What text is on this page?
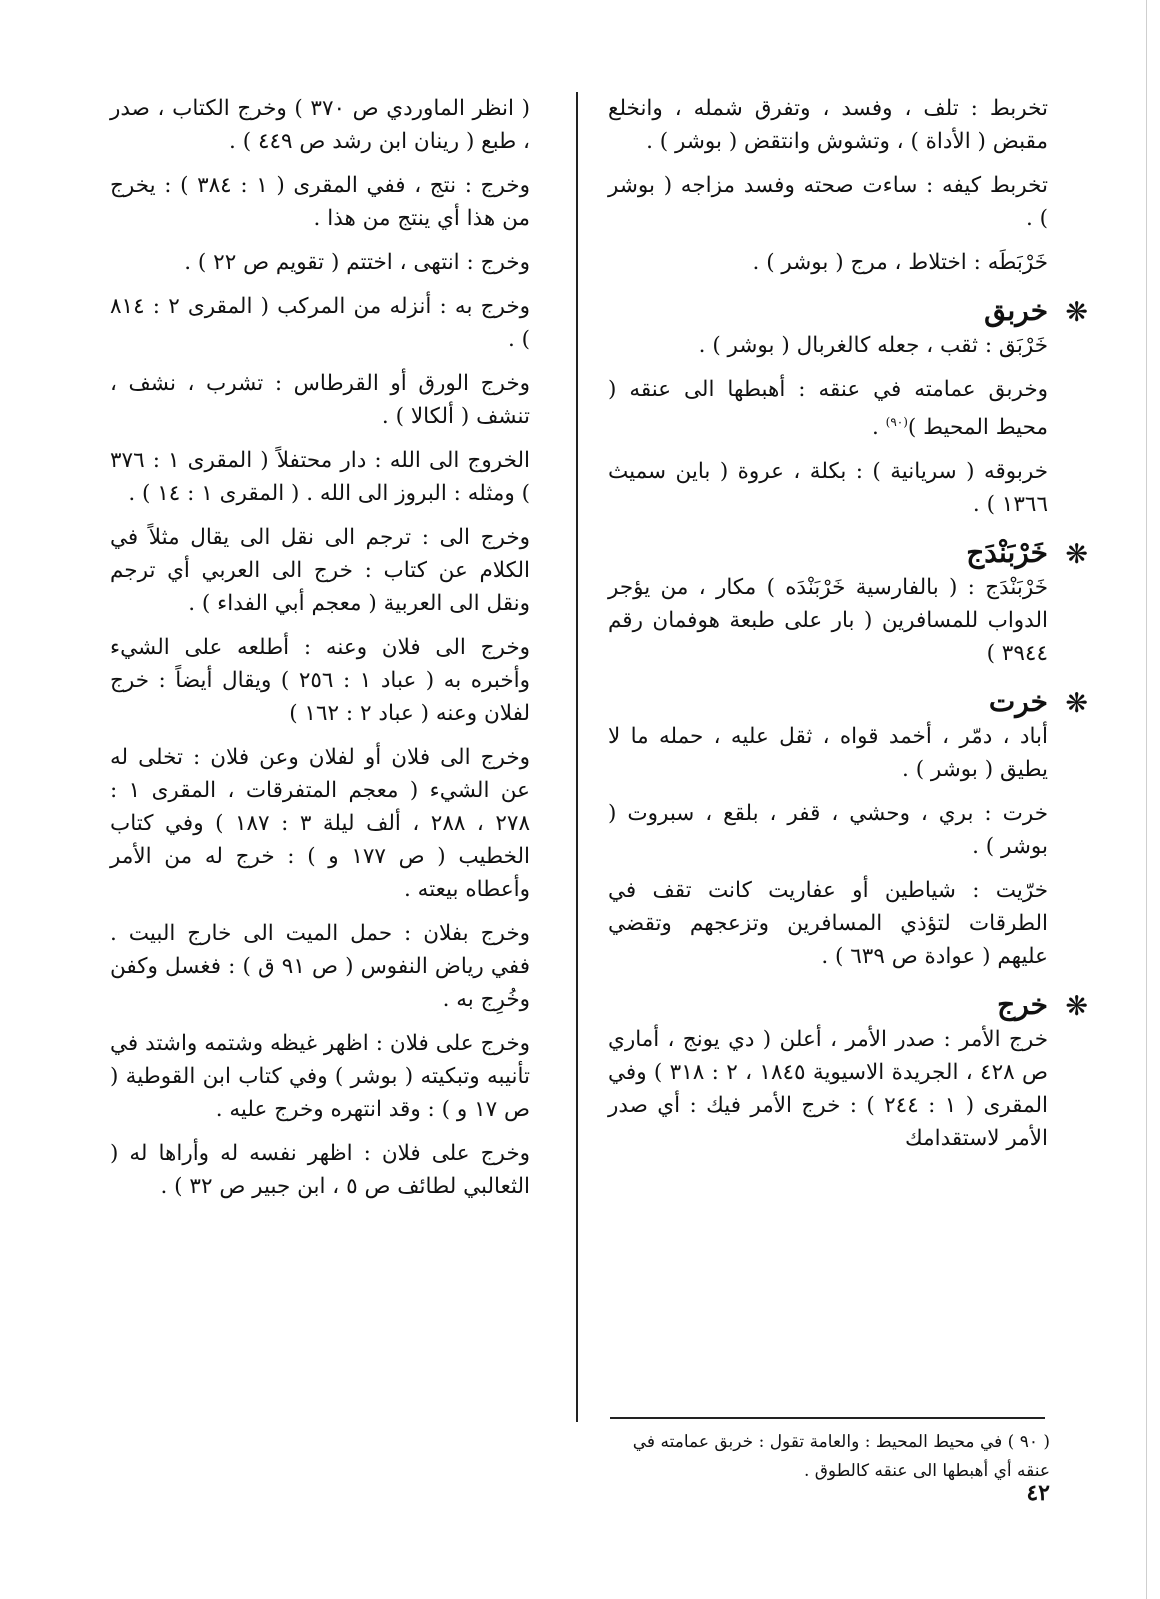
تخربط : تلف ، وفسد ، وتفرق شمله ، وانخلع مقبض ( الأداة ) ، وتشوش وانتقض ( بوشر ) .

تخربط كيفه : ساءت صحته وفسد مزاجه ( بوشر ) .

خَرْبَطَه : اختلاط ، مرج ( بوشر ) .

❋
خربق

خَرْبَق : ثقب ، جعله كالغربال ( بوشر ) .

وخربق عمامته في عنقه : أهبطها الى عنقه ( محيط المحيط )$^{(٩٠)}$ .

خربوقه ( سريانية ) : بكلة ، عروة ( باين سميث ١٣٦٦ ) .

❋
خَرْبَنْدَج

خَرْبَنْدَج : ( بالفارسية خَرْبَنْدَه ) مكار ، من يؤجر الدواب للمسافرين ( بار على طبعة هوفمان رقم ٣٩٤٤ )

❋
خرت

أباد ، دمّر ، أخمد قواه ، ثقل عليه ، حمله ما لا يطيق ( بوشر ) .

خرت : بري ، وحشي ، قفر ، بلقع ، سبروت ( بوشر ) .

خرّيت : شياطين أو عفاريت كانت تقف في الطرقات لتؤذي المسافرين وتزعجهم وتقضي عليهم ( عوادة ص ٦٣٩ ) .

❋
خرج

خرج الأمر : صدر الأمر ، أعلن ( دي يونج ، أماري ص ٤٢٨ ، الجريدة الاسيوية ١٨٤٥ ، ٢ : ٣١٨ ) وفي المقرى ( ١ : ٢٤٤ ) : خرج الأمر فيك : أي صدر الأمر لاستقدامك

( انظر الماوردي ص ٣٧٠ ) وخرج الكتاب ، صدر ، طبع ( رينان ابن رشد ص ٤٤٩ ) .

وخرج : نتج ، ففي المقرى ( ١ : ٣٨٤ ) : يخرج من هذا أي ينتج من هذا .

وخرج : انتهى ، اختتم ( تقويم ص ٢٢ ) .

وخرج به : أنزله من المركب ( المقرى ٢ : ٨١٤ ) .

وخرج الورق أو القرطاس : تشرب ، نشف ، تنشف ( ألكالا ) .

الخروج الى الله : دار محتفلاً ( المقرى ١ : ٣٧٦ ) ومثله : البروز الى الله . ( المقرى ١ : ١٤ ) .

وخرج الى : ترجم الى نقل الى يقال مثلاً في الكلام عن كتاب : خرج الى العربي أي ترجم ونقل الى العربية ( معجم أبي الفداء ) .

وخرج الى فلان وعنه : أطلعه على الشيء وأخبره به ( عباد ١ : ٢٥٦ ) ويقال أيضاً : خرج لفلان وعنه ( عباد ٢ : ١٦٢ )

وخرج الى فلان أو لفلان وعن فلان : تخلى له عن الشيء ( معجم المتفرقات ، المقرى ١ : ٢٧٨ ، ٢٨٨ ، ألف ليلة ٣ : ١٨٧ ) وفي كتاب الخطيب ( ص ١٧٧ و ) : خرج له من الأمر وأعطاه بيعته .

وخرج بفلان : حمل الميت الى خارج البيت . ففي رياض النفوس ( ص ٩١ ق ) : فغسل وكفن وخُرِج به .

وخرج على فلان : اظهر غيظه وشتمه واشتد في تأنيبه وتبكيته ( بوشر ) وفي كتاب ابن القوطية ( ص ١٧ و ) : وقد انتهره وخرج عليه .

وخرج على فلان : اظهر نفسه له وأراها له ( الثعالبي لطائف ص ٥ ، ابن جبير ص ٣٢ ) .

( ٩٠ ) في محيط المحيط : والعامة تقول : خربق عمامته في عنقه أي أهبطها الى عنقه كالطوق .
٤٢
